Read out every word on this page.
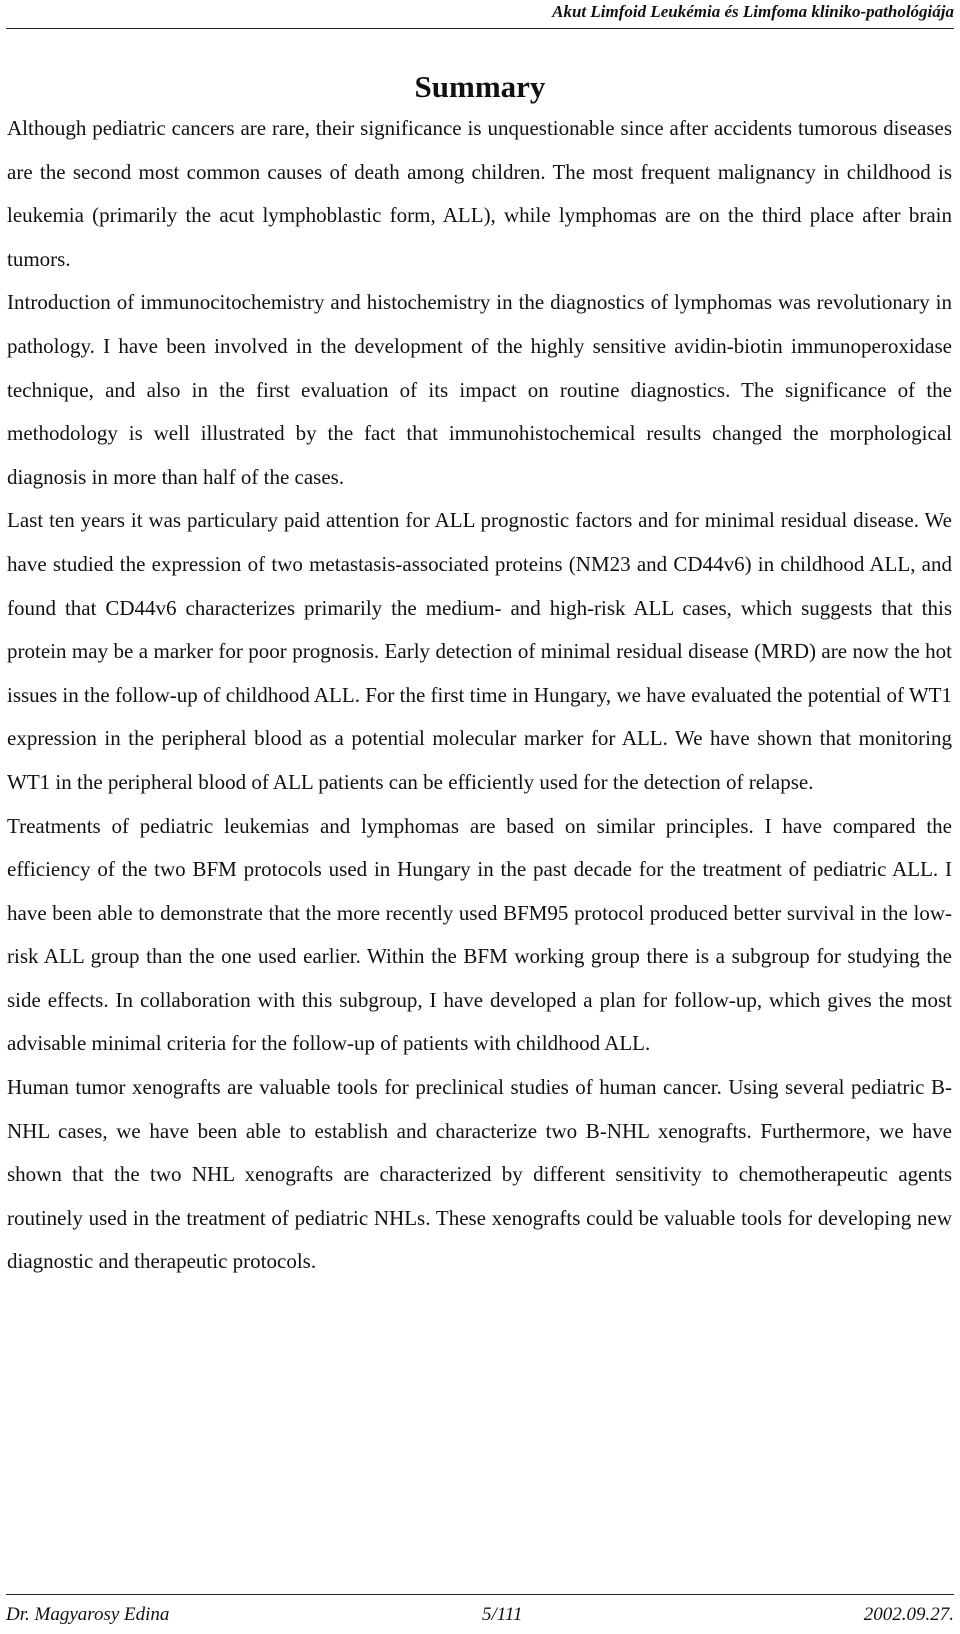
Akut Limfoid Leukémia és Limfoma kliniko-pathológiája
Summary

Although pediatric cancers are rare, their significance is unquestionable since after accidents tumorous diseases are the second most common causes of death among children. The most frequent malignancy in childhood is leukemia (primarily the acut lymphoblastic form, ALL), while lymphomas are on the third place after brain tumors.

Introduction of immunocitochemistry and histochemistry in the diagnostics of lymphomas was revolutionary in pathology. I have been involved in the development of the highly sensitive avidin-biotin immunoperoxidase technique, and also in the first evaluation of its impact on routine diagnostics. The significance of the methodology is well illustrated by the fact that immunohistochemical results changed the morphological diagnosis in more than half of the cases.

Last ten years it was particulary paid attention for ALL prognostic factors and for minimal residual disease. We have studied the expression of two metastasis-associated proteins (NM23 and CD44v6) in childhood ALL, and found that CD44v6 characterizes primarily the medium- and high-risk ALL cases, which suggests that this protein may be a marker for poor prognosis. Early detection of minimal residual disease (MRD) are now the hot issues in the follow-up of childhood ALL. For the first time in Hungary, we have evaluated the potential of WT1 expression in the peripheral blood as a potential molecular marker for ALL. We have shown that monitoring WT1 in the peripheral blood of ALL patients can be efficiently used for the detection of relapse.

Treatments of pediatric leukemias and lymphomas are based on similar principles. I have compared the efficiency of the two BFM protocols used in Hungary in the past decade for the treatment of pediatric ALL. I have been able to demonstrate that the more recently used BFM95 protocol produced better survival in the low-risk ALL group than the one used earlier. Within the BFM working group there is a subgroup for studying the side effects. In collaboration with this subgroup, I have developed a plan for follow-up, which gives the most advisable minimal criteria for the follow-up of patients with childhood ALL.

Human tumor xenografts are valuable tools for preclinical studies of human cancer. Using several pediatric B-NHL cases, we have been able to establish and characterize two B-NHL xenografts. Furthermore, we have shown that the two NHL xenografts are characterized by different sensitivity to chemotherapeutic agents routinely used in the treatment of pediatric NHLs. These xenografts could be valuable tools for developing new diagnostic and therapeutic protocols.

Dr. Magyarosy Edina	5/111	2002.09.27.
